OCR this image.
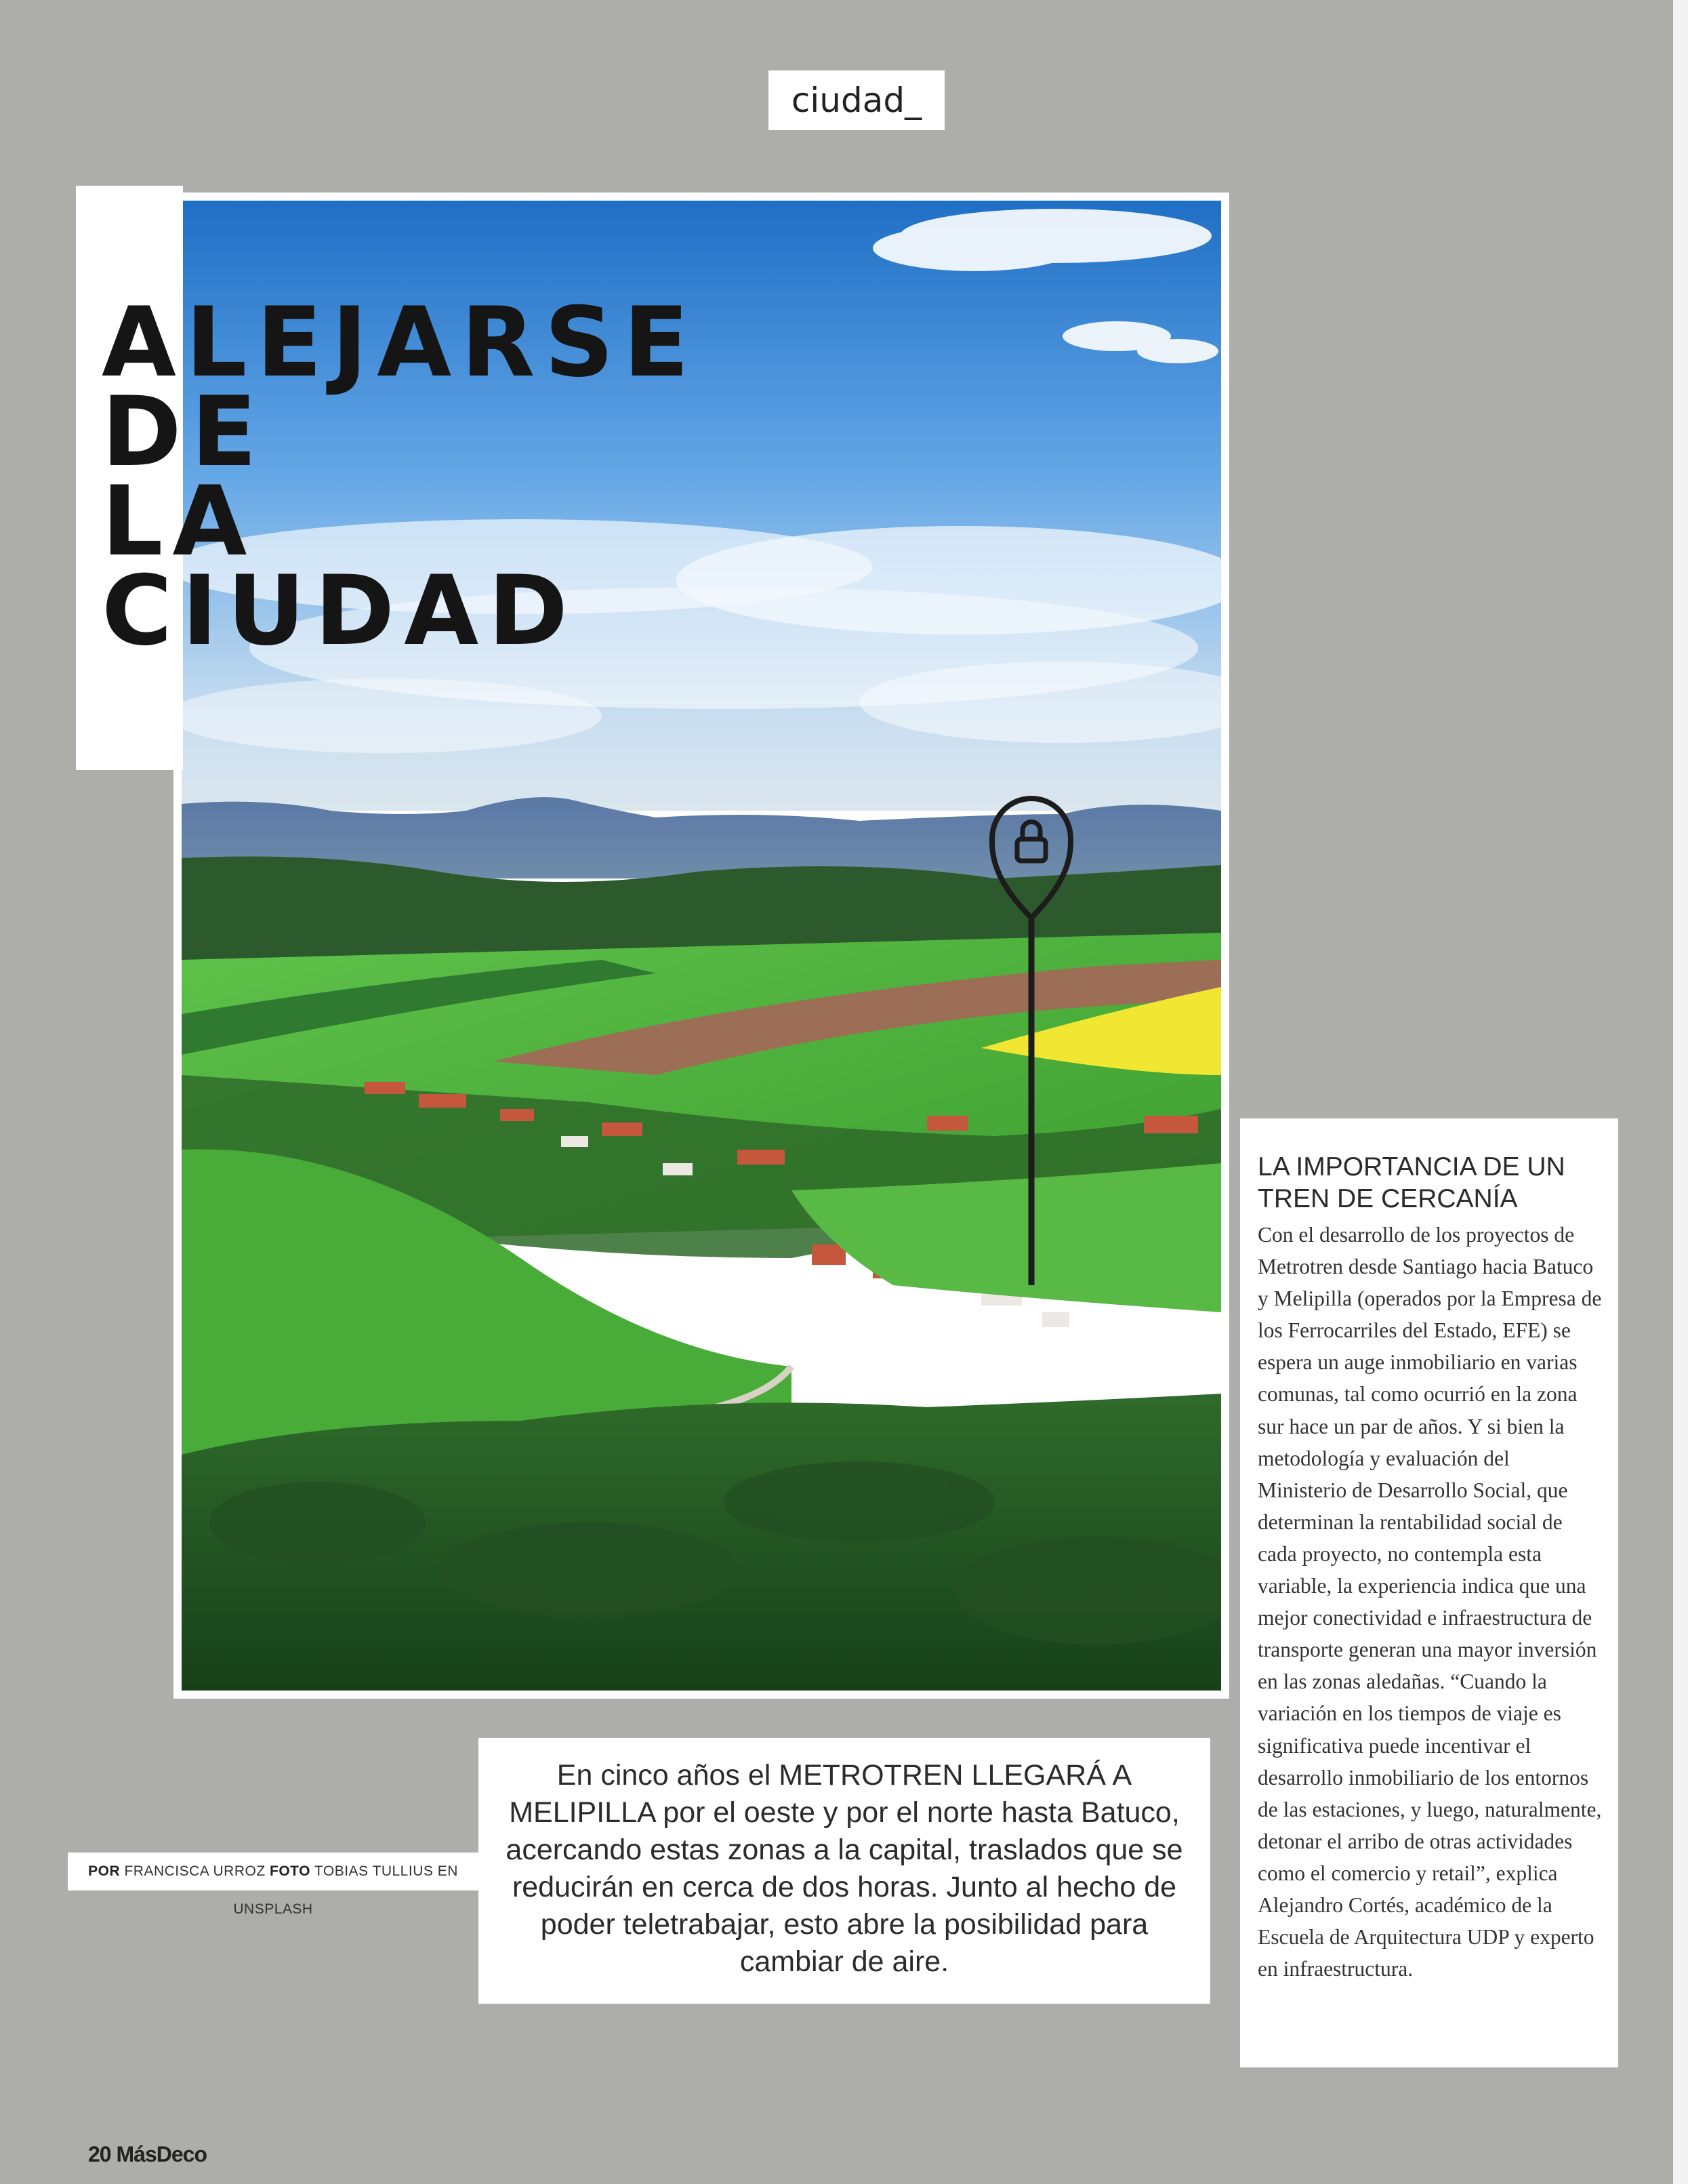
ciudad_
ALEJARSE
DE
LA
CIUDAD
POR FRANCISCA URROZ FOTO TOBIAS TULLIUS EN UNSPLASH
En cinco años el METROTREN LLEGARÁ A MELIPILLA por el oeste y por el norte hasta Batuco, acercando estas zonas a la capital, traslados que se reducirán en cerca de dos horas. Junto al hecho de poder teletrabajar, esto abre la posibilidad para cambiar de aire.
LA IMPORTANCIA DE UN TREN DE CERCANÍA

Con el desarrollo de los proyectos de Metrotren desde Santiago hacia Batuco y Melipilla (operados por la Empresa de los Ferrocarriles del Estado, EFE) se espera un auge inmobiliario en varias comunas, tal como ocurrió en la zona sur hace un par de años. Y si bien la metodología y evaluación del Ministerio de Desarrollo Social, que determinan la rentabilidad social de cada proyecto, no contempla esta variable, la experiencia indica que una mejor conectividad e infraestructura de transporte generan una mayor inversión en las zonas aledañas. “Cuando la variación en los tiempos de viaje es significativa puede incentivar el desarrollo inmobiliario de los entornos de las estaciones, y luego, naturalmente, detonar el arribo de otras actividades como el comercio y retail”, explica Alejandro Cortés, académico de la Escuela de Arquitectura UDP y experto en infraestructura.

20 MásDeco
